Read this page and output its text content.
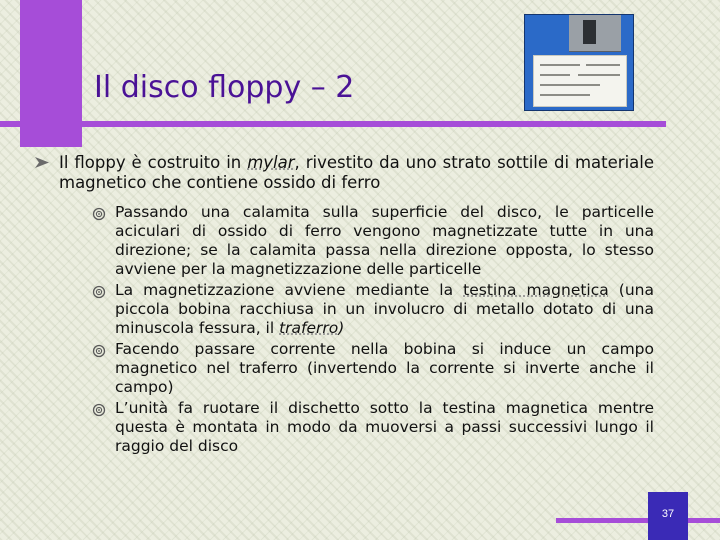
Il disco floppy – 2
Il floppy è costruito in mylar, rivestito da uno strato sottile di materiale magnetico che contiene ossido di ferro
Passando una calamita sulla superficie del disco, le particelle aciculari di ossido di ferro vengono magnetizzate tutte in una direzione; se la calamita passa nella direzione opposta, lo stesso avviene per la magnetizzazione delle particelle
La magnetizzazione avviene mediante la testina magnetica (una piccola bobina racchiusa in un involucro di metallo dotato di una minuscola fessura, il traferro)
Facendo passare corrente nella bobina si induce un campo magnetico nel traferro (invertendo la corrente si inverte anche il campo)
L’unità fa ruotare il dischetto sotto la testina magnetica mentre questa è montata in modo da muoversi a passi successivi lungo il raggio del disco
37
